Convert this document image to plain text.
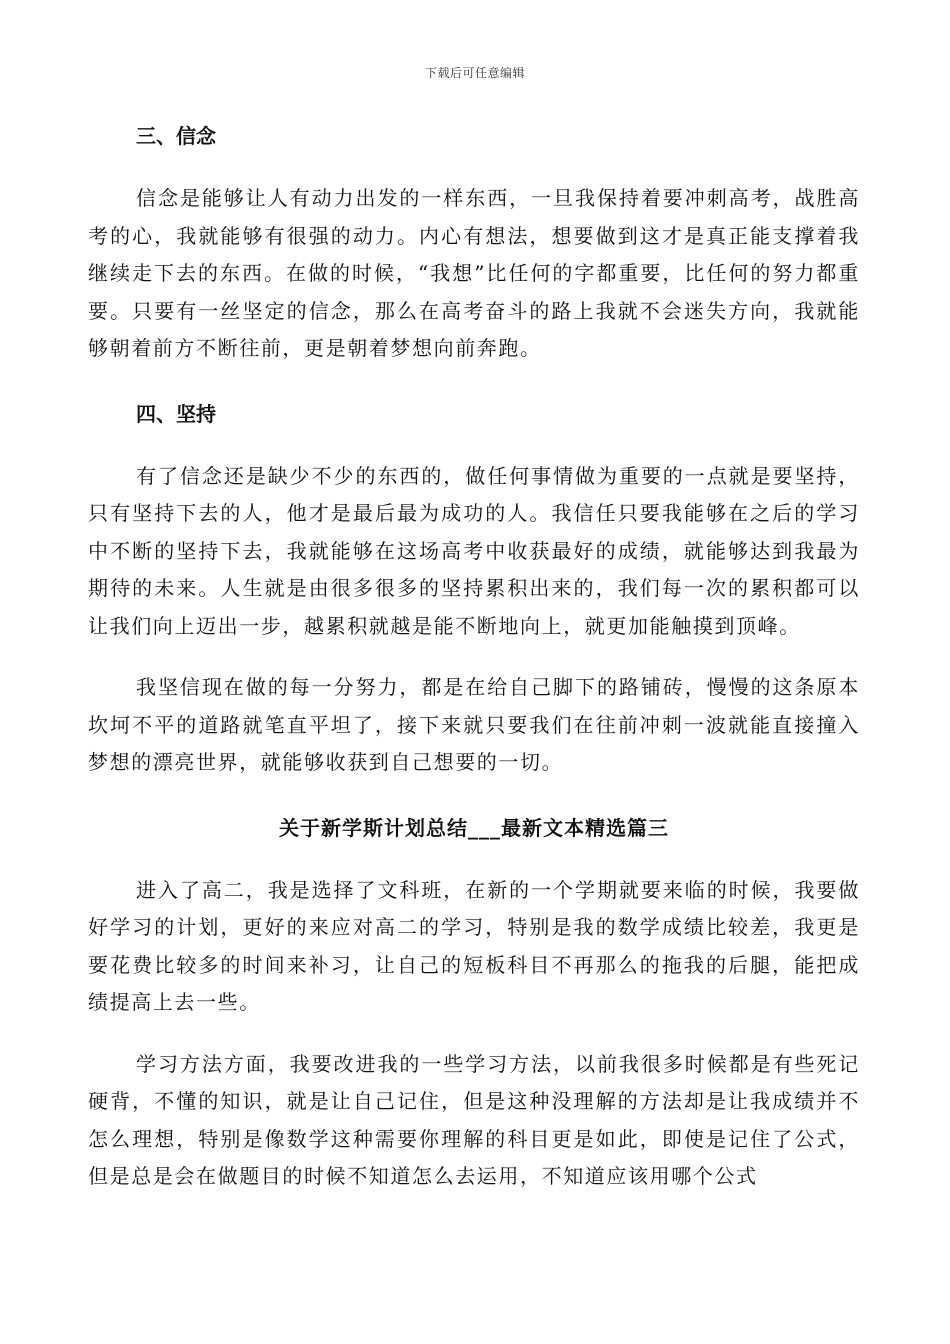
下载后可任意编辑
三、信念

信念是能够让人有动力出发的一样东西，一旦我保持着要冲刺高考，战胜高考的心，我就能够有很强的动力。内心有想法，想要做到这才是真正能支撑着我继续走下去的东西。在做的时候，“我想”比任何的字都重要，比任何的努力都重要。只要有一丝坚定的信念，那么在高考奋斗的路上我就不会迷失方向，我就能够朝着前方不断往前，更是朝着梦想向前奔跑。

四、坚持

有了信念还是缺少不少的东西的，做任何事情做为重要的一点就是要坚持，只有坚持下去的人，他才是最后最为成功的人。我信任只要我能够在之后的学习中不断的坚持下去，我就能够在这场高考中收获最好的成绩，就能够达到我最为期待的未来。人生就是由很多很多的坚持累积出来的，我们每一次的累积都可以让我们向上迈出一步，越累积就越是能不断地向上，就更加能触摸到顶峰。

我坚信现在做的每一分努力，都是在给自己脚下的路铺砖，慢慢的这条原本坎坷不平的道路就笔直平坦了，接下来就只要我们在往前冲刺一波就能直接撞入梦想的漂亮世界，就能够收获到自己想要的一切。

关于新学斯计划总结___最新文本精选篇三

进入了高二，我是选择了文科班，在新的一个学期就要来临的时候，我要做好学习的计划，更好的来应对高二的学习，特别是我的数学成绩比较差，我更是要花费比较多的时间来补习，让自己的短板科目不再那么的拖我的后腿，能把成绩提高上去一些。

学习方法方面，我要改进我的一些学习方法，以前我很多时候都是有些死记硬背，不懂的知识，就是让自己记住，但是这种没理解的方法却是让我成绩并不怎么理想，特别是像数学这种需要你理解的科目更是如此，即使是记住了公式，但是总是会在做题目的时候不知道怎么去运用，不知道应该用哪个公式
